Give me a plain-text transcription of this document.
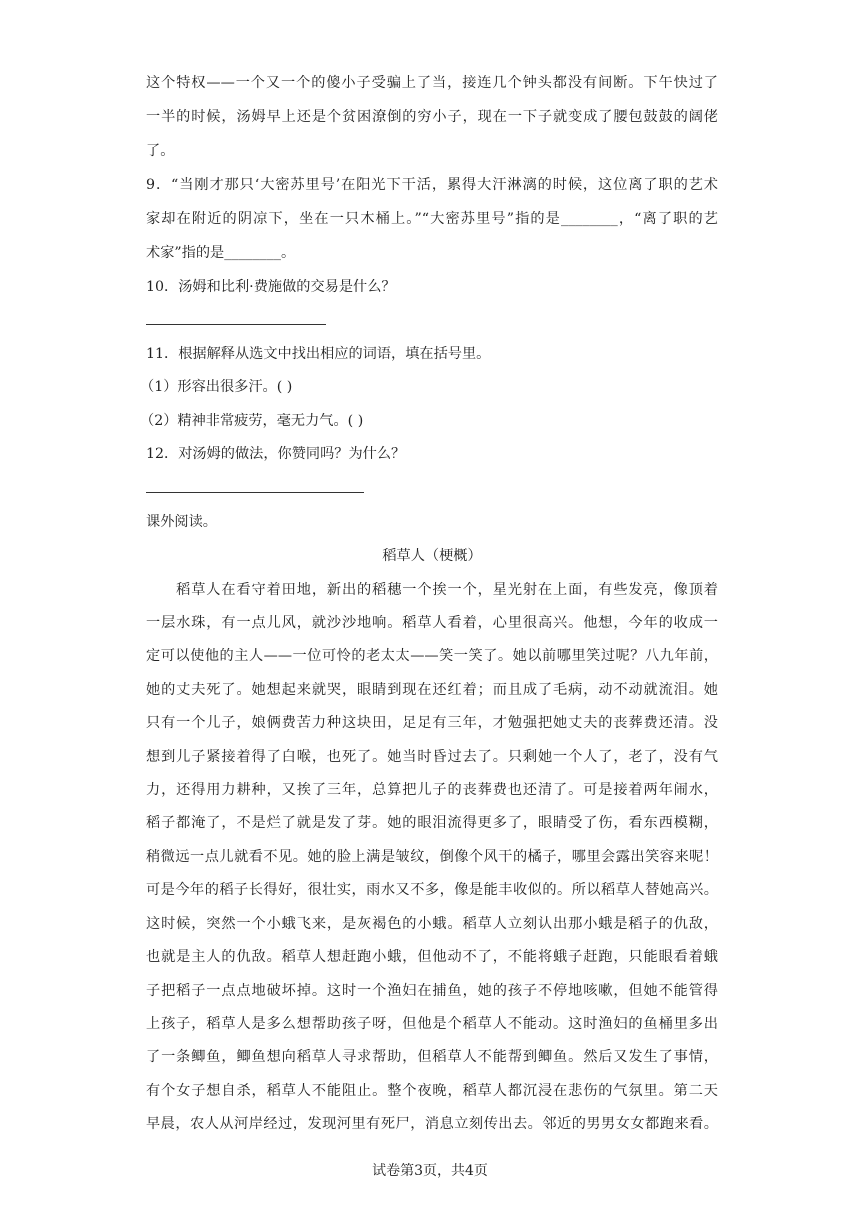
这个特权——一个又一个的傻小子受骗上了当，接连几个钟头都没有间断。下午快过了
一半的时候，汤姆早上还是个贫困潦倒的穷小子，现在一下子就变成了腰包鼓鼓的阔佬
了。
9．“当刚才那只‘大密苏里号’在阳光下干活，累得大汗淋漓的时候，这位离了职的艺术
家却在附近的阴凉下，坐在一只木桶上。”“大密苏里号”指的是________，“离了职的艺
术家”指的是________。
10．汤姆和比利·费施做的交易是什么？
11．根据解释从选文中找出相应的词语，填在括号里。
（1）形容出很多汗。( )
（2）精神非常疲劳，毫无力气。( )
12．对汤姆的做法，你赞同吗？为什么？
课外阅读。
稻草人（梗概）
　　稻草人在看守着田地，新出的稻穗一个挨一个，星光射在上面，有些发亮，像顶着
一层水珠，有一点儿风，就沙沙地响。稻草人看着，心里很高兴。他想，今年的收成一
定可以使他的主人——一位可怜的老太太——笑一笑了。她以前哪里笑过呢？八九年前，
她的丈夫死了。她想起来就哭，眼睛到现在还红着；而且成了毛病，动不动就流泪。她
只有一个儿子，娘俩费苦力种这块田，足足有三年，才勉强把她丈夫的丧葬费还清。没
想到儿子紧接着得了白喉，也死了。她当时昏过去了。只剩她一个人了，老了，没有气
力，还得用力耕种，又挨了三年，总算把儿子的丧葬费也还清了。可是接着两年闹水，
稻子都淹了，不是烂了就是发了芽。她的眼泪流得更多了，眼睛受了伤，看东西模糊，
稍微远一点儿就看不见。她的脸上满是皱纹，倒像个风干的橘子，哪里会露出笑容来呢！
可是今年的稻子长得好，很壮实，雨水又不多，像是能丰收似的。所以稻草人替她高兴。
这时候，突然一个小蛾飞来，是灰褐色的小蛾。稻草人立刻认出那小蛾是稻子的仇敌，
也就是主人的仇敌。稻草人想赶跑小蛾，但他动不了，不能将蛾子赶跑，只能眼看着蛾
子把稻子一点点地破坏掉。这时一个渔妇在捕鱼，她的孩子不停地咳嗽，但她不能管得
上孩子，稻草人是多么想帮助孩子呀，但他是个稻草人不能动。这时渔妇的鱼桶里多出
了一条鲫鱼，鲫鱼想向稻草人寻求帮助，但稻草人不能帮到鲫鱼。然后又发生了事情，
有个女子想自杀，稻草人不能阻止。整个夜晚，稻草人都沉浸在悲伤的气氛里。第二天
早晨，农人从河岸经过，发现河里有死尸，消息立刻传出去。邻近的男男女女都跑来看。
试卷第3页，共4页
